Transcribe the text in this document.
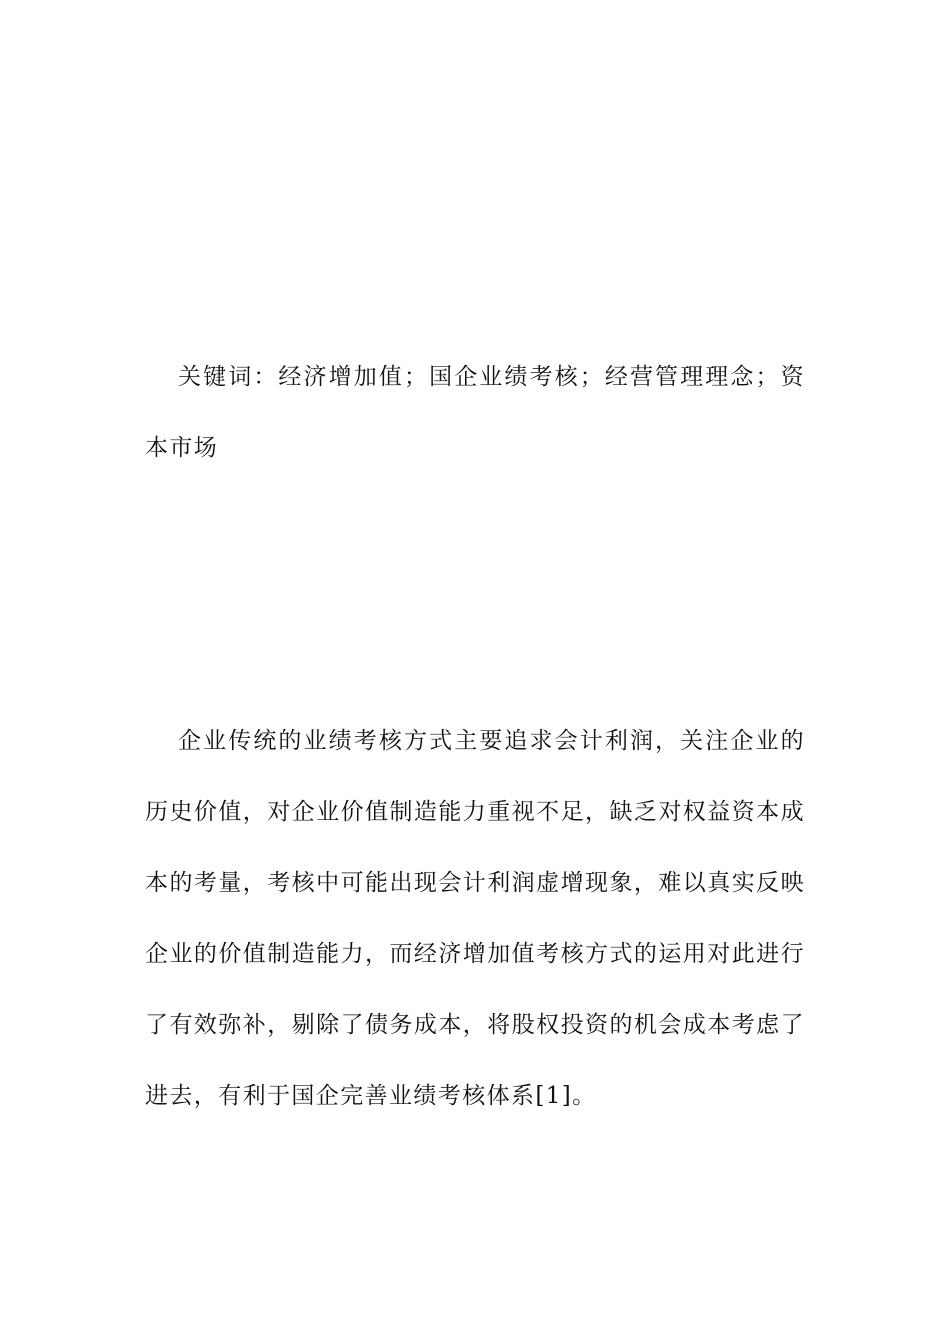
关键词：经济增加值；国企业绩考核；经营管理理念；资本市场

企业传统的业绩考核方式主要追求会计利润，关注企业的历史价值，对企业价值制造能力重视不足，缺乏对权益资本成本的考量，考核中可能出现会计利润虚增现象，难以真实反映企业的价值制造能力，而经济增加值考核方式的运用对此进行了有效弥补，剔除了债务成本，将股权投资的机会成本考虑了进去，有利于国企完善业绩考核体系[1]。
